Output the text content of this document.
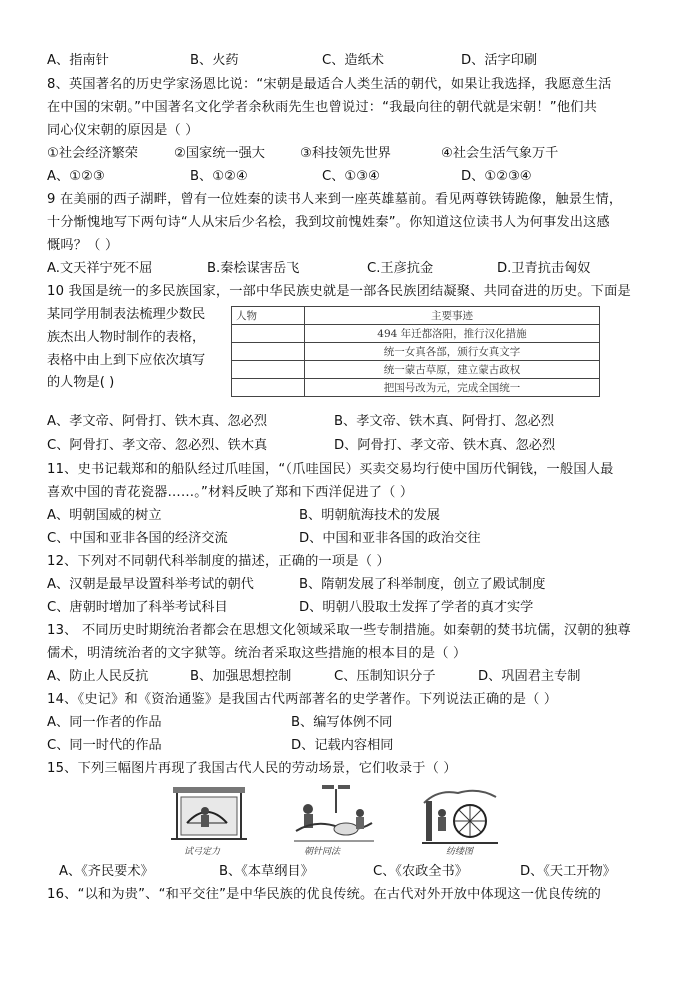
A、指南针	B、火药	C、造纸术	D、活字印刷
8、英国著名的历史学家汤恩比说：“宋朝是最适合人类生活的朝代，如果让我选择，我愿意生活
在中国的宋朝。”中国著名文化学者余秋雨先生也曾说过：“我最向往的朝代就是宋朝！”他们共
同心仪宋朝的原因是（ ）
①社会经济繁荣	②国家统一强大	③科技领先世界	④社会生活气象万千
A、①②③	B、①②④	C、①③④	D、①②③④
9 在美丽的西子湖畔，曾有一位姓秦的读书人来到一座英雄墓前。看见两尊铁铸跪像，触景生情，
十分惭愧地写下两句诗“人从宋后少名桧，我到坟前愧姓秦”。你知道这位读书人为何事发出这感
慨吗？（ ）
A.文天祥宁死不屈	B.秦桧谋害岳飞	C.王彦抗金	D.卫青抗击匈奴
10 我国是统一的多民族国家，一部中华民族史就是一部各民族团结凝聚、共同奋进的历史。下面是
某同学用制表法梳理少数民
族杰出人物时制作的表格，
表格中由上到下应依次填写
的人物是( )
人物	主要事迹
	494 年迁都洛阳，推行汉化措施
	统一女真各部，颁行女真文字
	统一蒙古草原，建立蒙古政权
	把国号改为元，完成全国统一
A、孝文帝、阿骨打、铁木真、忽必烈	B、孝文帝、铁木真、阿骨打、忽必烈
C、阿骨打、孝文帝、忽必烈、铁木真	D、阿骨打、孝文帝、铁木真、忽必烈
11、史书记载郑和的船队经过爪哇国，“（爪哇国民）买卖交易均行使中国历代铜钱，一般国人最
喜欢中国的青花瓷器……。”材料反映了郑和下西洋促进了（ ）
A、明朝国威的树立	B、明朝航海技术的发展
C、中国和亚非各国的经济交流	D、中国和亚非各国的政治交往
12、下列对不同朝代科举制度的描述，正确的一项是（ ）
A、汉朝是最早设置科举考试的朝代	B、隋朝发展了科举制度，创立了殿试制度
C、唐朝时增加了科举考试科目	D、明朝八股取士发挥了学者的真才实学
13、 不同历史时期统治者都会在思想文化领域采取一些专制措施。如秦朝的焚书坑儒，汉朝的独尊
儒术，明清统治者的文字狱等。统治者采取这些措施的根本目的是（ ）
A、防止人民反抗	B、加强思想控制	C、压制知识分子	D、巩固君主专制
14、《史记》和《资治通鉴》是我国古代两部著名的史学著作。下列说法正确的是（ ）
A、同一作者的作品	B、编写体例不同
C、同一时代的作品	D、记载内容相同
15、下列三幅图片再现了我国古代人民的劳动场景，它们收录于（ ）
试弓定力	朝针同法	纺缕图
A、《齐民要术》	B、《本草纲目》	C、《农政全书》	D、《天工开物》
16、“以和为贵”、“和平交往”是中华民族的优良传统。在古代对外开放中体现这一优良传统的
